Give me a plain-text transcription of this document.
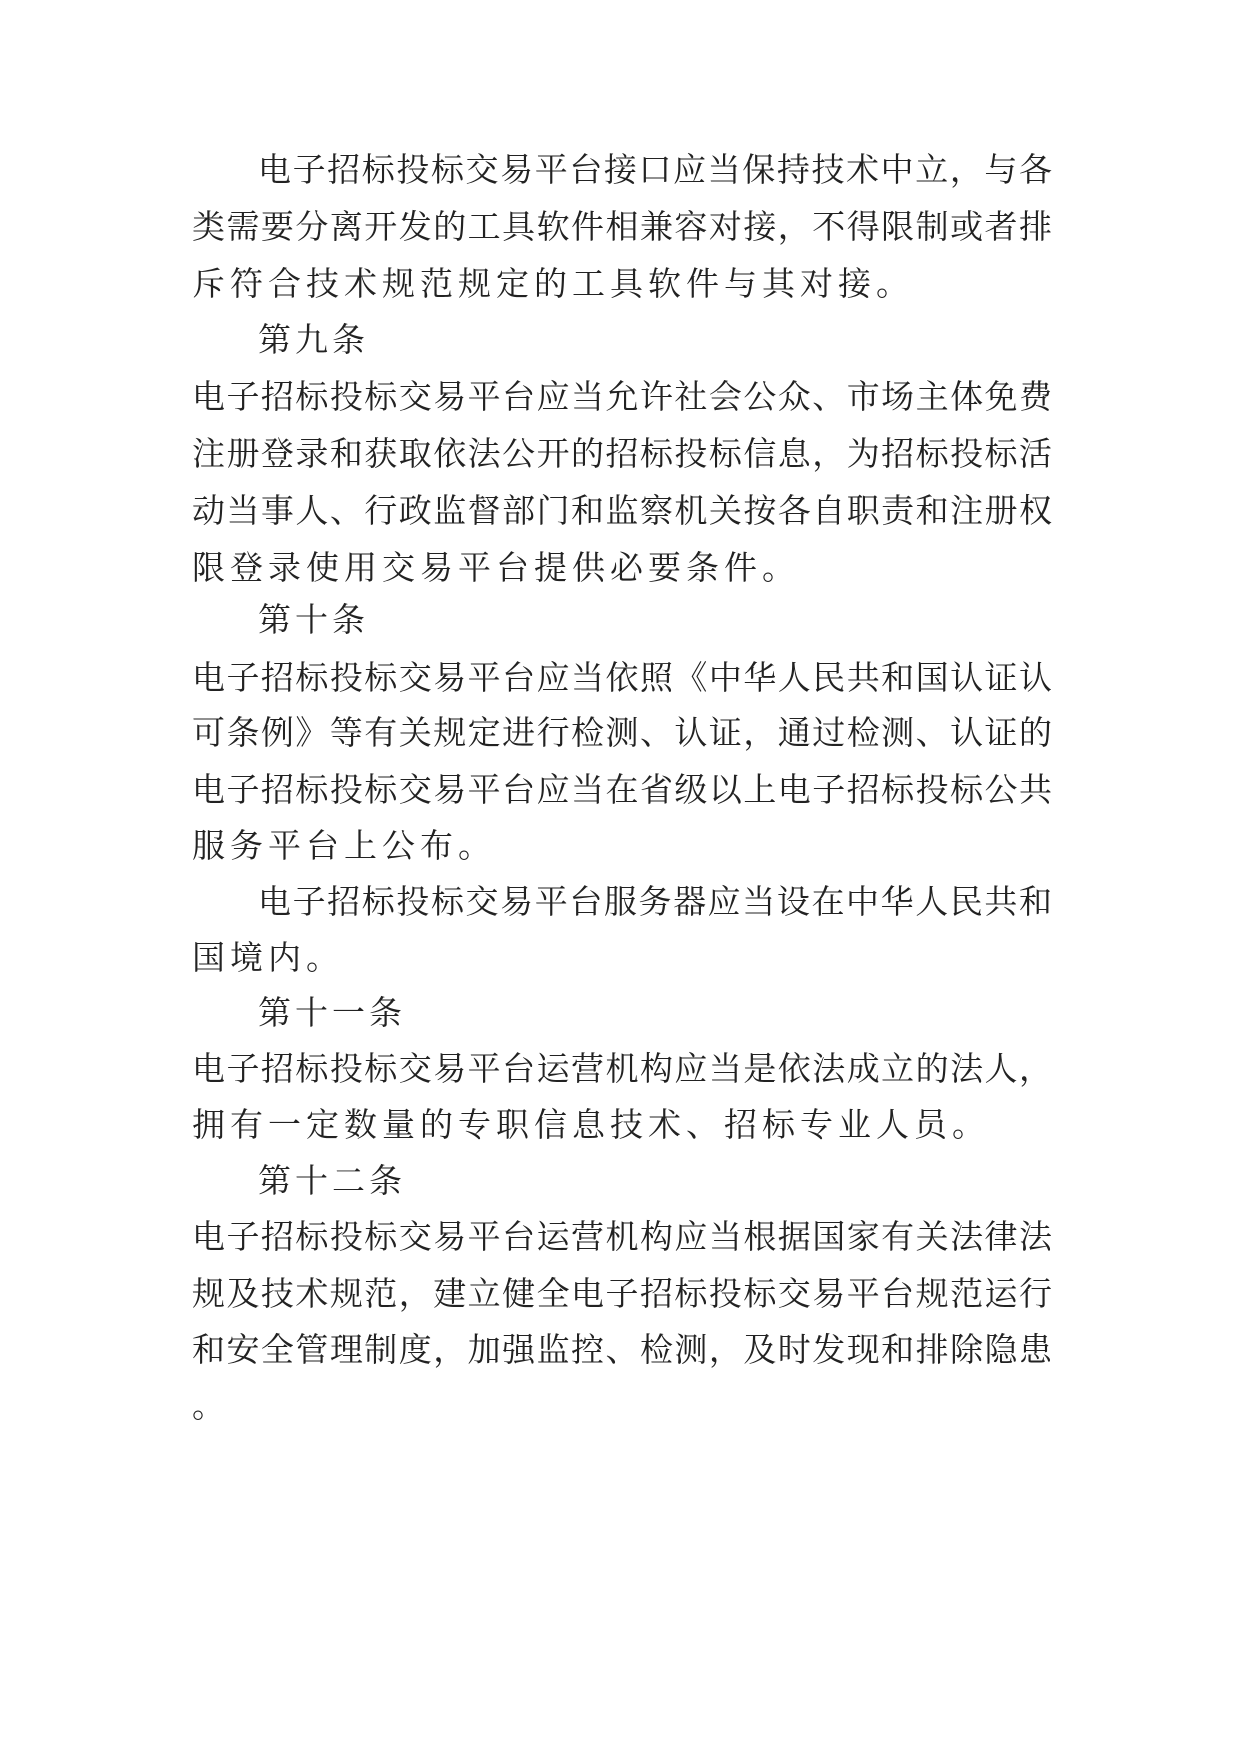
电子招标投标交易平台接口应当保持技术中立，与各
类需要分离开发的工具软件相兼容对接，不得限制或者排
斥符合技术规范规定的工具软件与其对接。
第九条
电子招标投标交易平台应当允许社会公众、市场主体免费
注册登录和获取依法公开的招标投标信息，为招标投标活
动当事人、行政监督部门和监察机关按各自职责和注册权
限登录使用交易平台提供必要条件。
第十条
电子招标投标交易平台应当依照《中华人民共和国认证认
可条例》等有关规定进行检测、认证，通过检测、认证的
电子招标投标交易平台应当在省级以上电子招标投标公共
服务平台上公布。
电子招标投标交易平台服务器应当设在中华人民共和
国境内。
第十一条
电子招标投标交易平台运营机构应当是依法成立的法人，
拥有一定数量的专职信息技术、招标专业人员。
第十二条
电子招标投标交易平台运营机构应当根据国家有关法律法
规及技术规范，建立健全电子招标投标交易平台规范运行
和安全管理制度，加强监控、检测，及时发现和排除隐患
。
